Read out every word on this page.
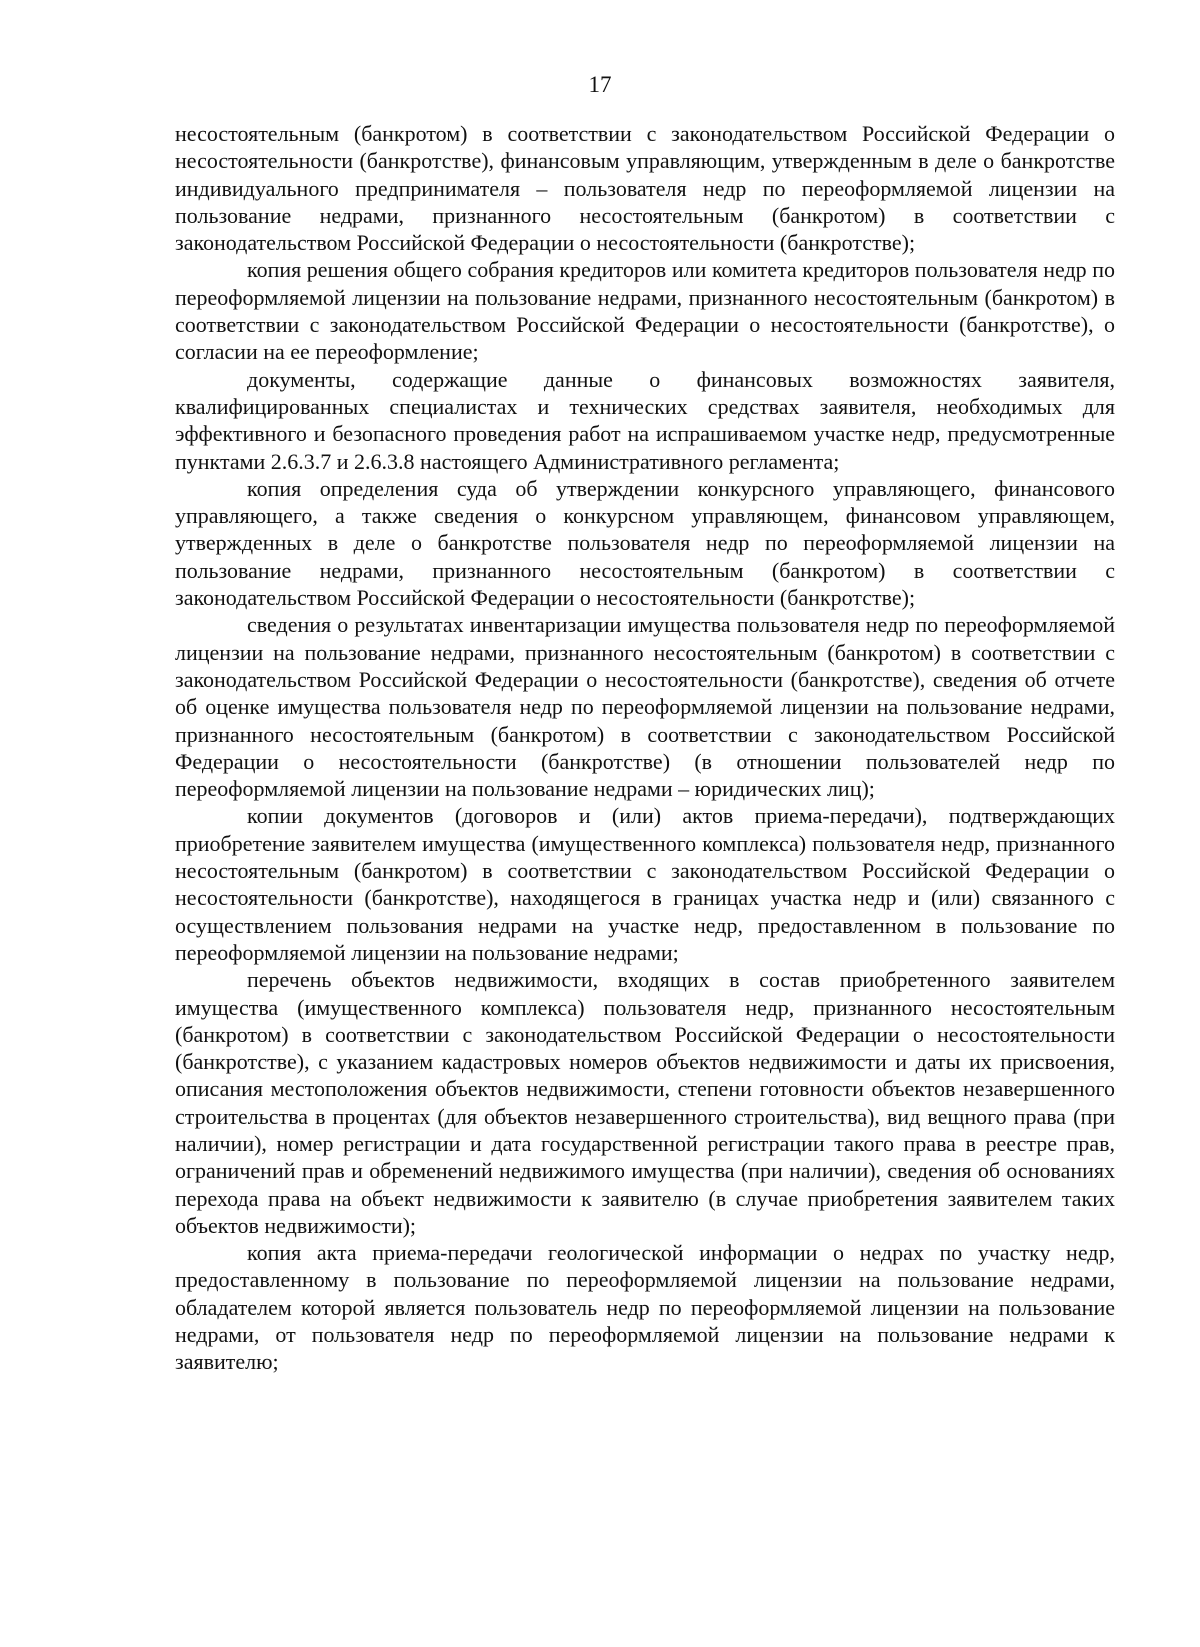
17

несостоятельным (банкротом) в соответствии с законодательством Российской Федерации о несостоятельности (банкротстве), финансовым управляющим, утвержденным в деле о банкротстве индивидуального предпринимателя – пользователя недр по переоформляемой лицензии на пользование недрами, признанного несостоятельным (банкротом) в соответствии с законодательством Российской Федерации о несостоятельности (банкротстве);

копия решения общего собрания кредиторов или комитета кредиторов пользователя недр по переоформляемой лицензии на пользование недрами, признанного несостоятельным (банкротом) в соответствии с законодательством Российской Федерации о несостоятельности (банкротстве), о согласии на ее переоформление;

документы, содержащие данные о финансовых возможностях заявителя, квалифицированных специалистах и технических средствах заявителя, необходимых для эффективного и безопасного проведения работ на испрашиваемом участке недр, предусмотренные пунктами 2.6.3.7 и 2.6.3.8 настоящего Административного регламента;

копия определения суда об утверждении конкурсного управляющего, финансового управляющего, а также сведения о конкурсном управляющем, финансовом управляющем, утвержденных в деле о банкротстве пользователя недр по переоформляемой лицензии на пользование недрами, признанного несостоятельным (банкротом) в соответствии с законодательством Российской Федерации о несостоятельности (банкротстве);

сведения о результатах инвентаризации имущества пользователя недр по переоформляемой лицензии на пользование недрами, признанного несостоятельным (банкротом) в соответствии с законодательством Российской Федерации о несостоятельности (банкротстве), сведения об отчете об оценке имущества пользователя недр по переоформляемой лицензии на пользование недрами, признанного несостоятельным (банкротом) в соответствии с законодательством Российской Федерации о несостоятельности (банкротстве) (в отношении пользователей недр по переоформляемой лицензии на пользование недрами – юридических лиц);

копии документов (договоров и (или) актов приема-передачи), подтверждающих приобретение заявителем имущества (имущественного комплекса) пользователя недр, признанного несостоятельным (банкротом) в соответствии с законодательством Российской Федерации о несостоятельности (банкротстве), находящегося в границах участка недр и (или) связанного с осуществлением пользования недрами на участке недр, предоставленном в пользование по переоформляемой лицензии на пользование недрами;

перечень объектов недвижимости, входящих в состав приобретенного заявителем имущества (имущественного комплекса) пользователя недр, признанного несостоятельным (банкротом) в соответствии с законодательством Российской Федерации о несостоятельности (банкротстве), с указанием кадастровых номеров объектов недвижимости и даты их присвоения, описания местоположения объектов недвижимости, степени готовности объектов незавершенного строительства в процентах (для объектов незавершенного строительства), вид вещного права (при наличии), номер регистрации и дата государственной регистрации такого права в реестре прав, ограничений прав и обременений недвижимого имущества (при наличии), сведения об основаниях перехода права на объект недвижимости к заявителю (в случае приобретения заявителем таких объектов недвижимости);

копия акта приема-передачи геологической информации о недрах по участку недр, предоставленному в пользование по переоформляемой лицензии на пользование недрами, обладателем которой является пользователь недр по переоформляемой лицензии на пользование недрами, от пользователя недр по переоформляемой лицензии на пользование недрами к заявителю;
